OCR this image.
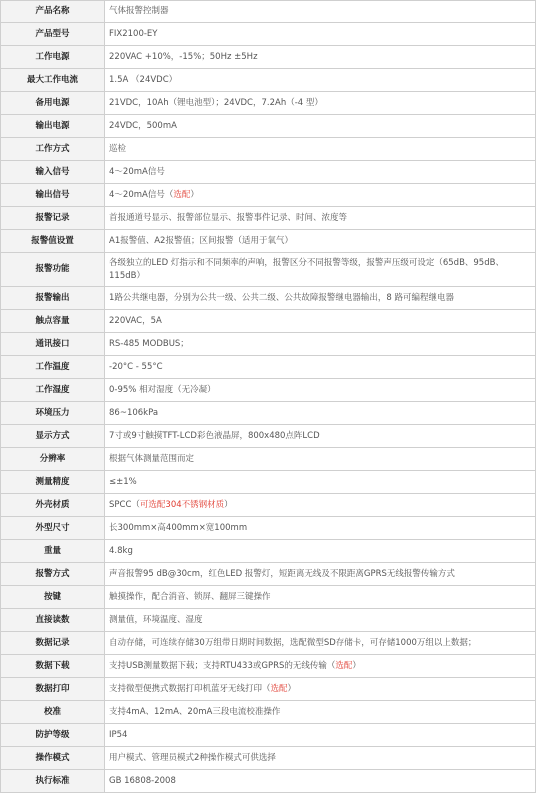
产品名称	气体报警控制器
产品型号	FIX2100-EY
工作电源	220VAC +10%，-15%；50Hz ±5Hz
最大工作电流	1.5A （24VDC）
备用电源	21VDC，10Ah（锂电池型）；24VDC，7.2Ah（-4 型）
输出电源	24VDC，500mA
工作方式	巡检
输入信号	4～20mA信号
输出信号	4～20mA信号（选配）
报警记录	首报通道号显示、报警部位显示、报警事件记录、时间、浓度等
报警值设置	A1报警值、A2报警值；区间报警（适用于氧气）
报警功能	各级独立的LED 灯指示和不同频率的声响，报警区分不同报警等级，报警声压级可设定（65dB、95dB、115dB）
报警输出	1路公共继电器，分别为公共一级、公共二级、公共故障报警继电器输出，8 路可编程继电器
触点容量	220VAC，5A
通讯接口	RS-485 MODBUS；
工作温度	-20°C - 55°C
工作湿度	0-95% 相对湿度（无冷凝）
环境压力	86~106kPa
显示方式	7寸或9寸触摸TFT-LCD彩色液晶屏，800x480点阵LCD
分辨率	根据气体测量范围而定
测量精度	≤±1%
外壳材质	SPCC（可选配304不锈钢材质）
外型尺寸	长300mm×高400mm×宽100mm
重量	4.8kg
报警方式	声音报警95 dB@30cm，红色LED 报警灯，短距离无线及不限距离GPRS无线报警传输方式
按键	触摸操作，配合消音、锁屏、翻屏三键操作
直接读数	测量值，环境温度、湿度
数据记录	自动存储，可连续存储30万组带日期时间数据，选配微型SD存储卡，可存储1000万组以上数据；
数据下载	支持USB测量数据下载；支持RTU433或GPRS的无线传输（选配）
数据打印	支持微型便携式数据打印机蓝牙无线打印（选配）
校准	支持4mA、12mA、20mA三段电流校准操作
防护等级	IP54
操作模式	用户模式、管理员模式2种操作模式可供选择
执行标准	GB 16808-2008
